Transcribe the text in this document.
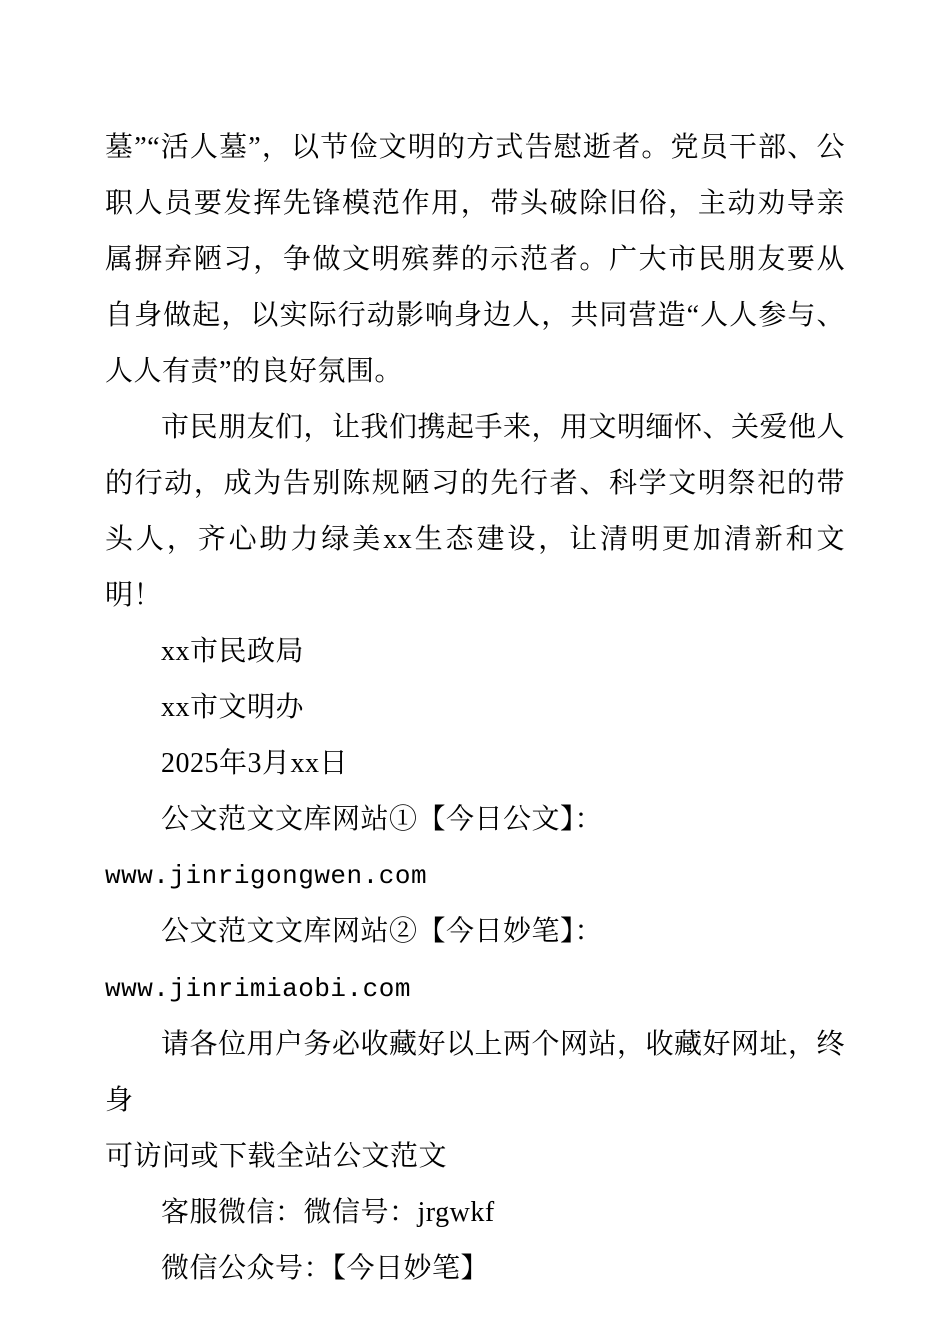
墓”“活人墓”，以节俭文明的方式告慰逝者。党员干部、公职人员要发挥先锋模范作用，带头破除旧俗，主动劝导亲属摒弃陋习，争做文明殡葬的示范者。广大市民朋友要从自身做起，以实际行动影响身边人，共同营造“人人参与、人人有责”的良好氛围。

市民朋友们，让我们携起手来，用文明缅怀、关爱他人的行动，成为告别陈规陋习的先行者、科学文明祭祀的带头人，齐心助力绿美xx生态建设，让清明更加清新和文明！

xx市民政局

xx市文明办

2025年3月xx日

公文范文文库网站①【今日公文】：

www.jinrigongwen.com

公文范文文库网站②【今日妙笔】：www.jinrimiaobi.com

请各位用户务必收藏好以上两个网站，收藏好网址，终身

可访问或下载全站公文范文

客服微信：微信号：jrgwkf

微信公众号：【今日妙笔】
